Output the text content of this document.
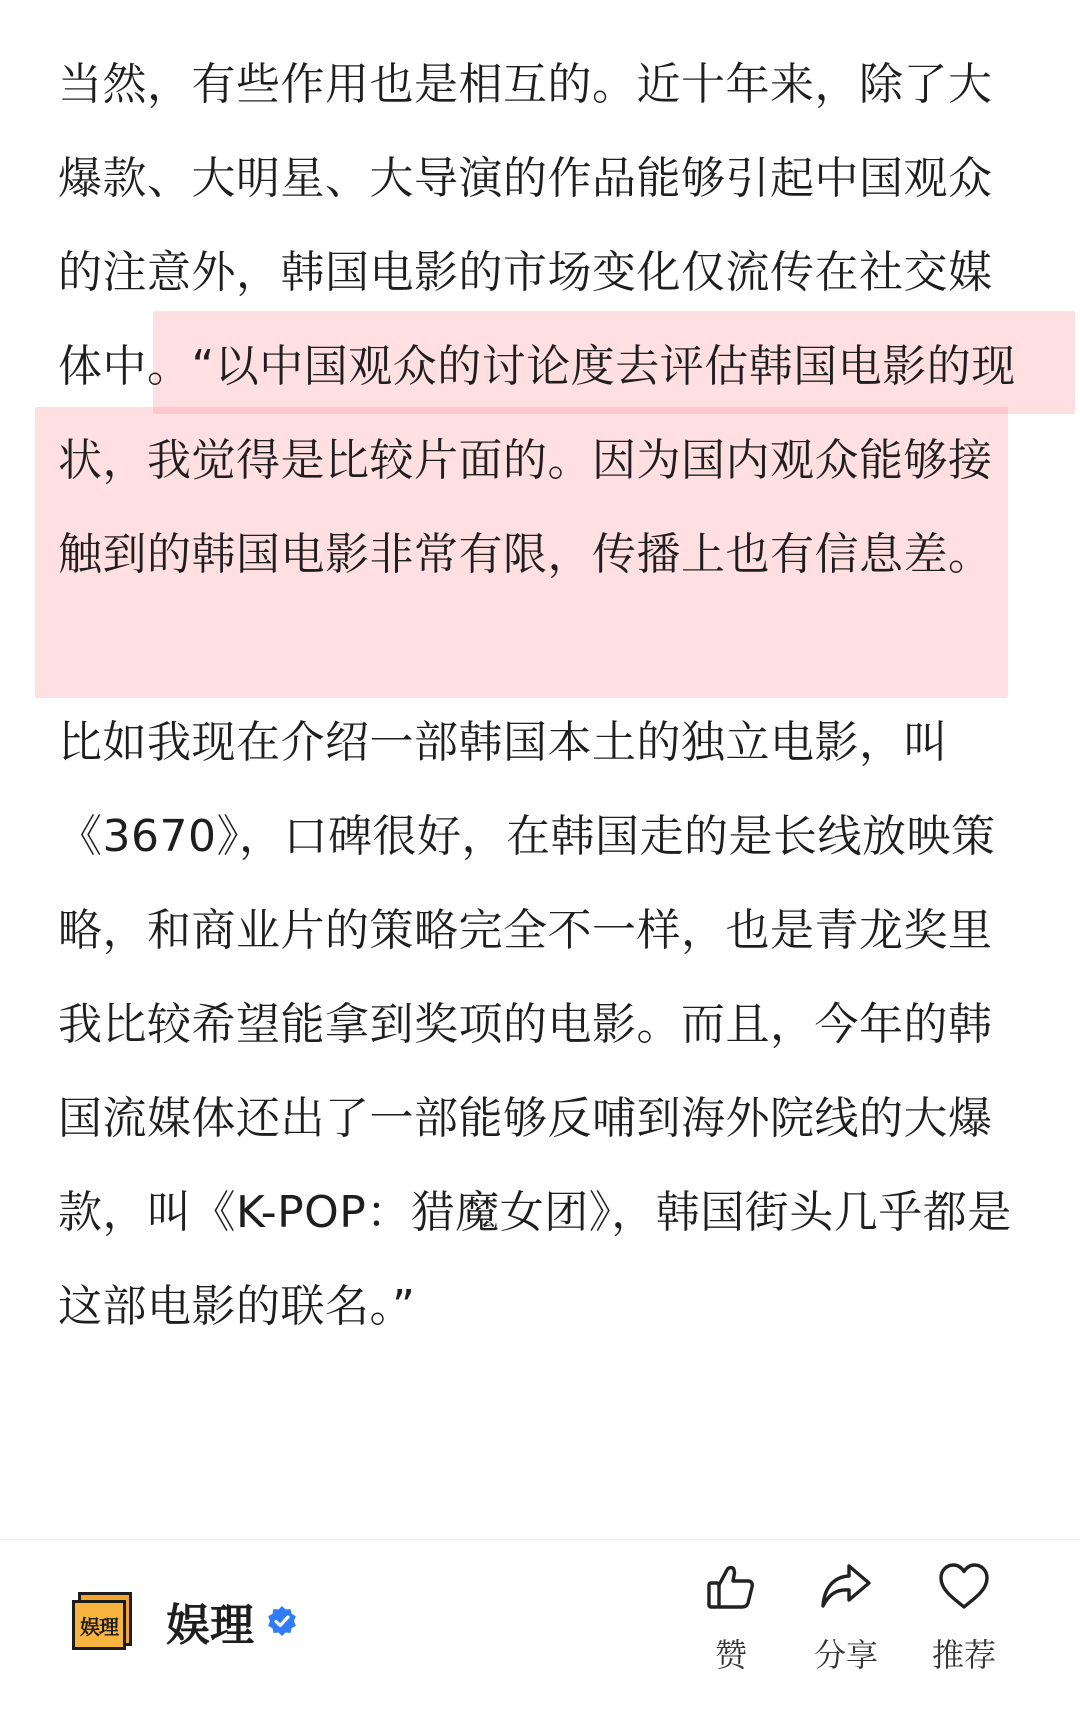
当然，有些作用也是相互的。近十年来，除了大爆款、大明星、大导演的作品能够引起中国观众的注意外，韩国电影的市场变化仅流传在社交媒体中。“以中国观众的讨论度去评估韩国电影的现状，我觉得是比较片面的。因为国内观众能够接触到的韩国电影非常有限，传播上也有信息差。

比如我现在介绍一部韩国本土的独立电影，叫《3670》，口碑很好，在韩国走的是长线放映策略，和商业片的策略完全不一样，也是青龙奖里我比较希望能拿到奖项的电影。而且，今年的韩国流媒体还出了一部能够反哺到海外院线的大爆款，叫《K-POP：猎魔女团》，韩国街头几乎都是这部电影的联名。”

娱理 娱理
赞	分享	推荐
